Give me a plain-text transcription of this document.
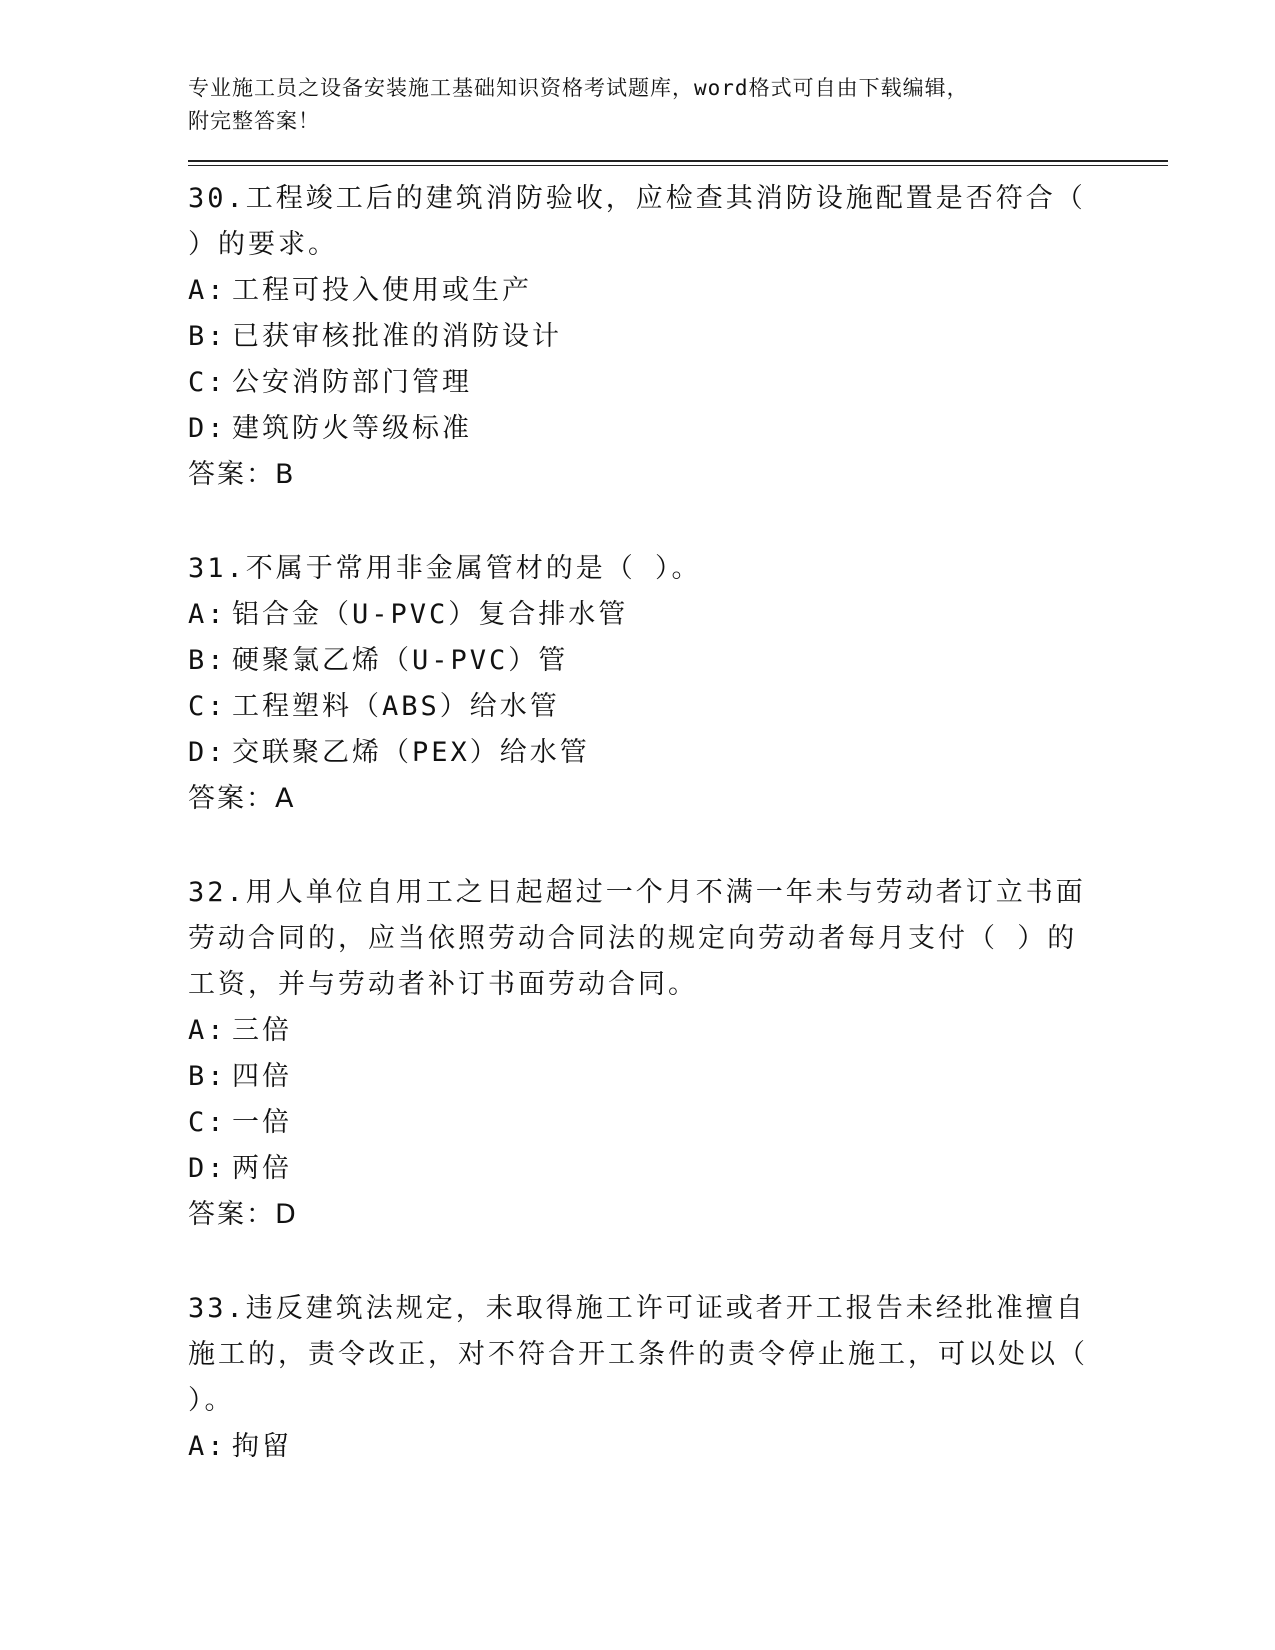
专业施工员之设备安装施工基础知识资格考试题库，word格式可自由下载编辑，
附完整答案！
30.工程竣工后的建筑消防验收，应检查其消防设施配置是否符合（ ）的要求。
A: 工程可投入使用或生产
B: 已获审核批准的消防设计
C: 公安消防部门管理
D: 建筑防火等级标准
答案：B
31.不属于常用非金属管材的是（ ）。
A: 铝合金（U-PVC）复合排水管
B: 硬聚氯乙烯（U-PVC）管
C: 工程塑料（ABS）给水管
D: 交联聚乙烯（PEX）给水管
答案：A
32.用人单位自用工之日起超过一个月不满一年未与劳动者订立书面劳动合同的，应当依照劳动合同法的规定向劳动者每月支付（ ）的工资，并与劳动者补订书面劳动合同。
A: 三倍
B: 四倍
C: 一倍
D: 两倍
答案：D
33.违反建筑法规定，未取得施工许可证或者开工报告未经批准擅自施工的，责令改正，对不符合开工条件的责令停止施工，可以处以（ ）。
A: 拘留
